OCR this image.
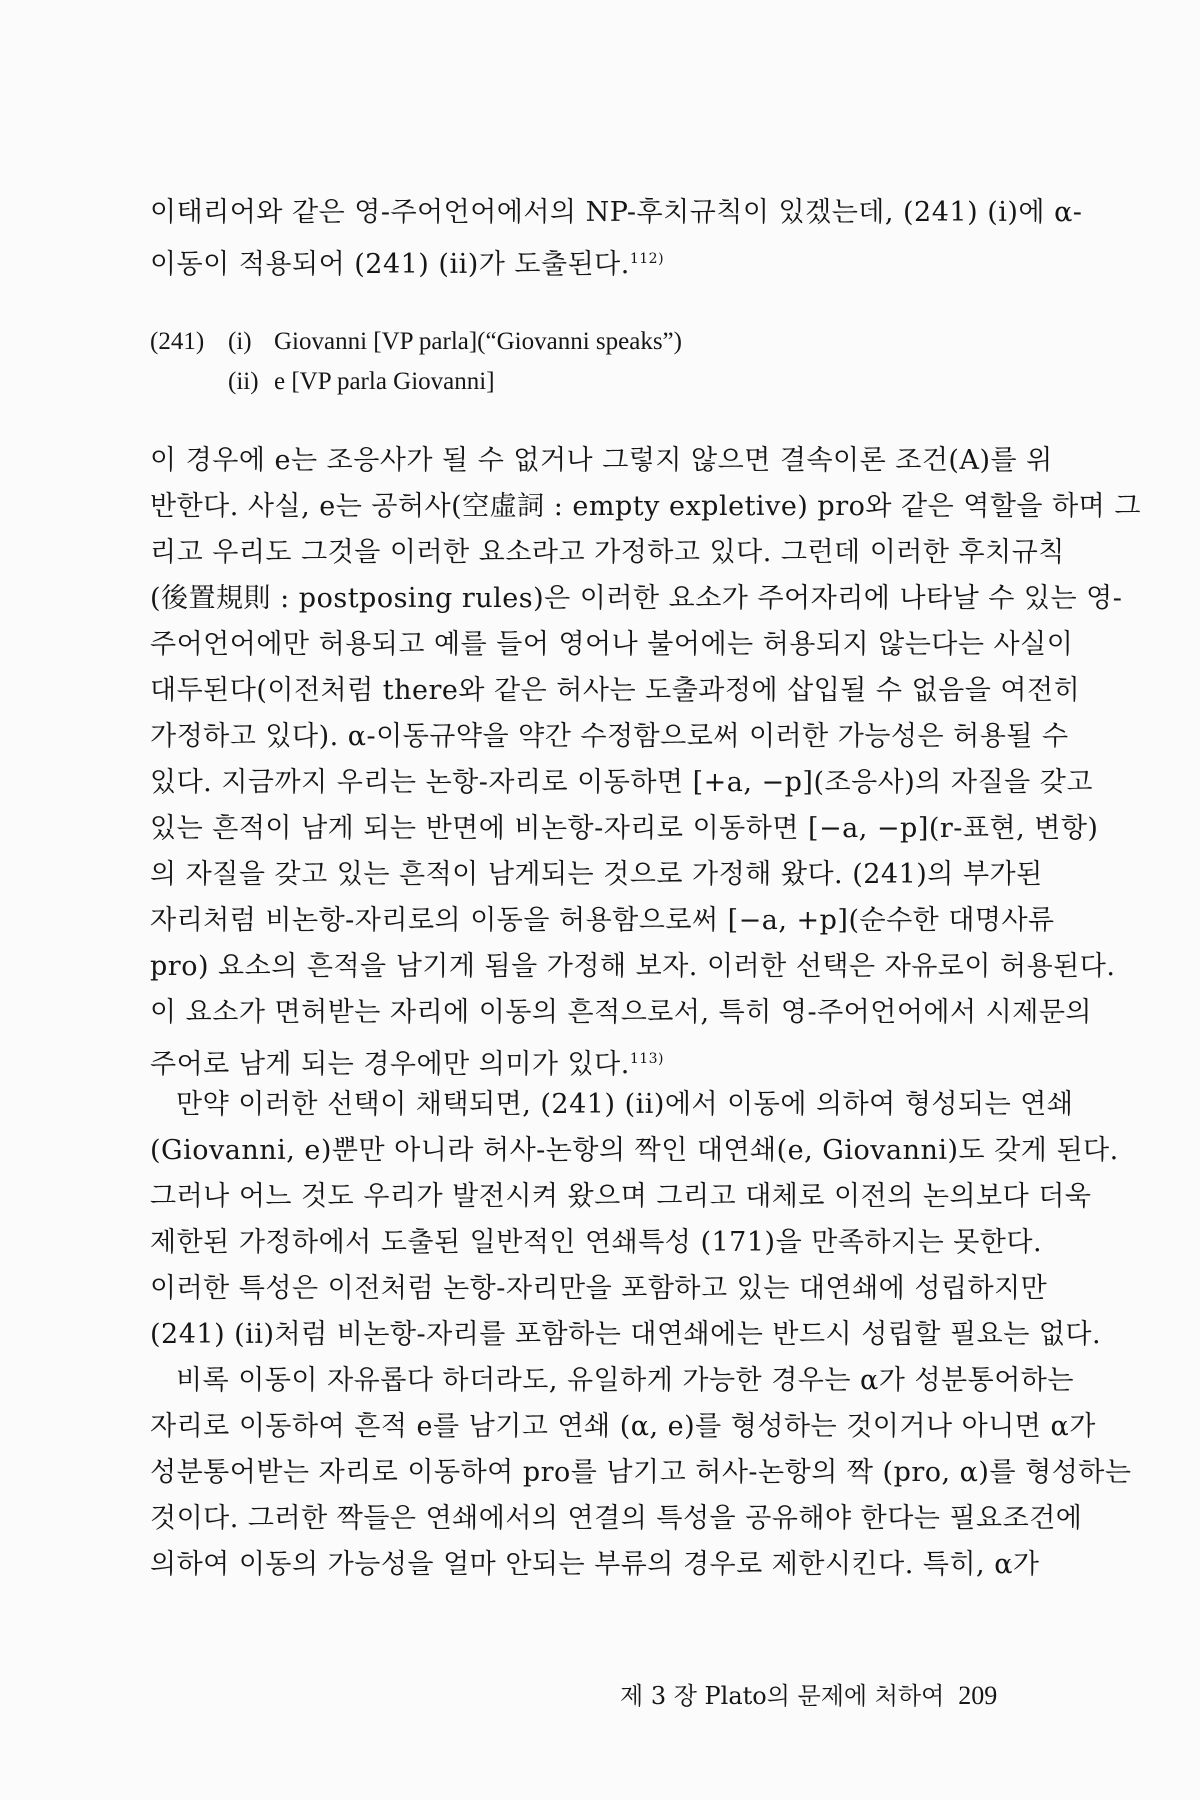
이태리어와 같은 영-주어언어에서의 NP-후치규칙이 있겠는데, (241) (i)에 α-
이동이 적용되어 (241) (ii)가 도출된다.$^{112)}$
(241) (i) Giovanni [VP parla](“Giovanni speaks”)
(ii) e [VP parla Giovanni]
이 경우에 e는 조응사가 될 수 없거나 그렇지 않으면 결속이론 조건(A)를 위
반한다. 사실, e는 공허사(空虛詞 : empty expletive) pro와 같은 역할을 하며 그
리고 우리도 그것을 이러한 요소라고 가정하고 있다. 그런데 이러한 후치규칙
(後置規則 : postposing rules)은 이러한 요소가 주어자리에 나타날 수 있는 영-
주어언어에만 허용되고 예를 들어 영어나 불어에는 허용되지 않는다는 사실이
대두된다(이전처럼 there와 같은 허사는 도출과정에 삽입될 수 없음을 여전히
가정하고 있다). α-이동규약을 약간 수정함으로써 이러한 가능성은 허용될 수
있다. 지금까지 우리는 논항-자리로 이동하면 [+a, −p](조응사)의 자질을 갖고
있는 흔적이 남게 되는 반면에 비논항-자리로 이동하면 [−a, −p](r-표현, 변항)
의 자질을 갖고 있는 흔적이 남게되는 것으로 가정해 왔다. (241)의 부가된
자리처럼 비논항-자리로의 이동을 허용함으로써 [−a, +p](순수한 대명사류
pro) 요소의 흔적을 남기게 됨을 가정해 보자. 이러한 선택은 자유로이 허용된다.
이 요소가 면허받는 자리에 이동의 흔적으로서, 특히 영-주어언어에서 시제문의
주어로 남게 되는 경우에만 의미가 있다.$^{113)}$
만약 이러한 선택이 채택되면, (241) (ii)에서 이동에 의하여 형성되는 연쇄
(Giovanni, e)뿐만 아니라 허사-논항의 짝인 대연쇄(e, Giovanni)도 갖게 된다.
그러나 어느 것도 우리가 발전시켜 왔으며 그리고 대체로 이전의 논의보다 더욱
제한된 가정하에서 도출된 일반적인 연쇄특성 (171)을 만족하지는 못한다.
이러한 특성은 이전처럼 논항-자리만을 포함하고 있는 대연쇄에 성립하지만
(241) (ii)처럼 비논항-자리를 포함하는 대연쇄에는 반드시 성립할 필요는 없다.
비록 이동이 자유롭다 하더라도, 유일하게 가능한 경우는 α가 성분통어하는
자리로 이동하여 흔적 e를 남기고 연쇄 (α, e)를 형성하는 것이거나 아니면 α가
성분통어받는 자리로 이동하여 pro를 남기고 허사-논항의 짝 (pro, α)를 형성하는
것이다. 그러한 짝들은 연쇄에서의 연결의 특성을 공유해야 한다는 필요조건에
의하여 이동의 가능성을 얼마 안되는 부류의 경우로 제한시킨다. 특히, α가
제 3 장 Plato의 문제에 처하여 209
